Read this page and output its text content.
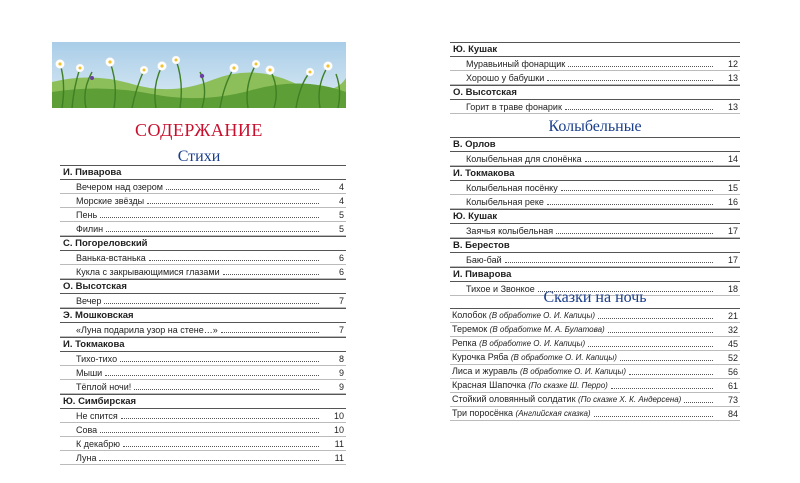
СОДЕРЖАНИЕ
Стихи
И. Пиварова
Вечером над озером	4
Морские звёзды	4
Пень	5
Филин	5
С. Погореловский
Ванька-встанька	6
Кукла с закрывающимися глазами	6
О. Высотская
Вечер	7
Э. Мошковская
«Луна подарила узор на стене…»	7
И. Токмакова
Тихо-тихо	8
Мыши	9
Тёплой ночи!	9
Ю. Симбирская
Не спится	10
Сова	10
К декабрю	11
Луна	11
Ю. Кушак
Муравьиный фонарщик	12
Хорошо у бабушки	13
О. Высотская
Горит в траве фонарик	13
Колыбельные
В. Орлов
Колыбельная для слонёнка	14
И. Токмакова
Колыбельная посёнку	15
Колыбельная реке	16
Ю. Кушак
Заячья колыбельная	17
В. Берестов
Баю-бай	17
И. Пиварова
Тихое и Звонкое	18
Сказки на ночь
Колобок (В обработке О. И. Капицы)	21
Теремок (В обработке М. А. Булатова)	32
Репка (В обработке О. И. Капицы)	45
Курочка Ряба (В обработке О. И. Капицы)	52
Лиса и журавль (В обработке О. И. Капицы)	56
Красная Шапочка (По сказке Ш. Перро)	61
Стойкий оловянный солдатик (По сказке Х. К. Андерсена)	73
Три поросёнка (Английская сказка)	84
